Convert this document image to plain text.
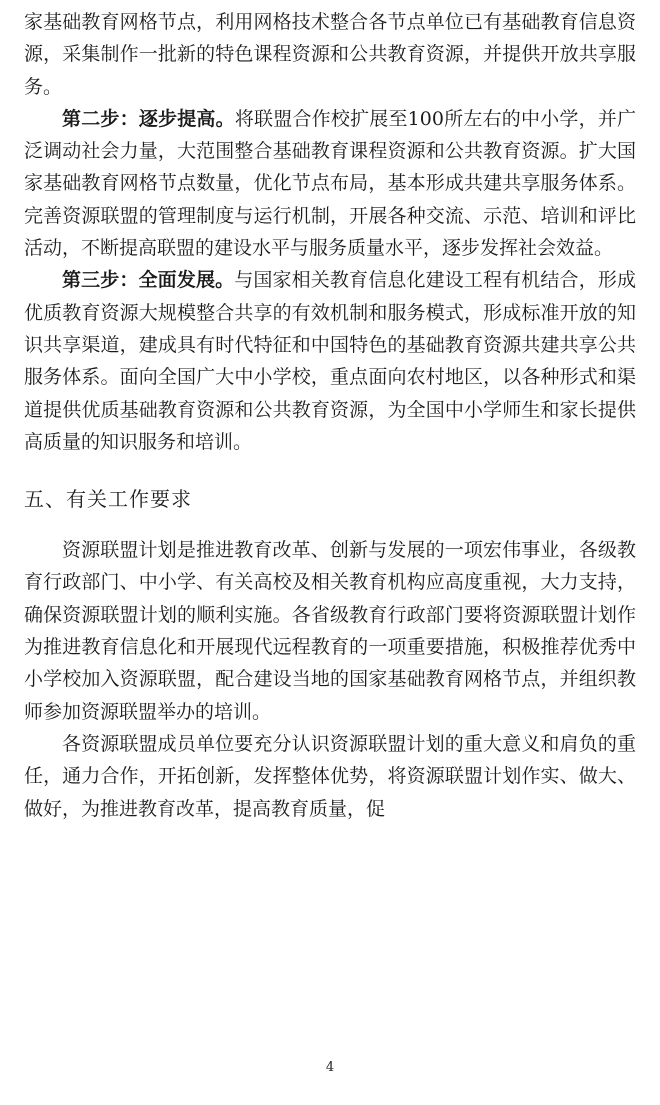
家基础教育网格节点，利用网格技术整合各节点单位已有基础教育信息资源，采集制作一批新的特色课程资源和公共教育资源，并提供开放共享服务。

第二步：逐步提高。将联盟合作校扩展至100所左右的中小学，并广泛调动社会力量，大范围整合基础教育课程资源和公共教育资源。扩大国家基础教育网格节点数量，优化节点布局，基本形成共建共享服务体系。完善资源联盟的管理制度与运行机制，开展各种交流、示范、培训和评比活动，不断提高联盟的建设水平与服务质量水平，逐步发挥社会效益。

第三步：全面发展。与国家相关教育信息化建设工程有机结合，形成优质教育资源大规模整合共享的有效机制和服务模式，形成标准开放的知识共享渠道，建成具有时代特征和中国特色的基础教育资源共建共享公共服务体系。面向全国广大中小学校，重点面向农村地区，以各种形式和渠道提供优质基础教育资源和公共教育资源，为全国中小学师生和家长提供高质量的知识服务和培训。

五、有关工作要求

资源联盟计划是推进教育改革、创新与发展的一项宏伟事业，各级教育行政部门、中小学、有关高校及相关教育机构应高度重视，大力支持，确保资源联盟计划的顺利实施。各省级教育行政部门要将资源联盟计划作为推进教育信息化和开展现代远程教育的一项重要措施，积极推荐优秀中小学校加入资源联盟，配合建设当地的国家基础教育网格节点，并组织教师参加资源联盟举办的培训。

各资源联盟成员单位要充分认识资源联盟计划的重大意义和肩负的重任，通力合作，开拓创新，发挥整体优势，将资源联盟计划作实、做大、做好，为推进教育改革，提高教育质量，促

4
